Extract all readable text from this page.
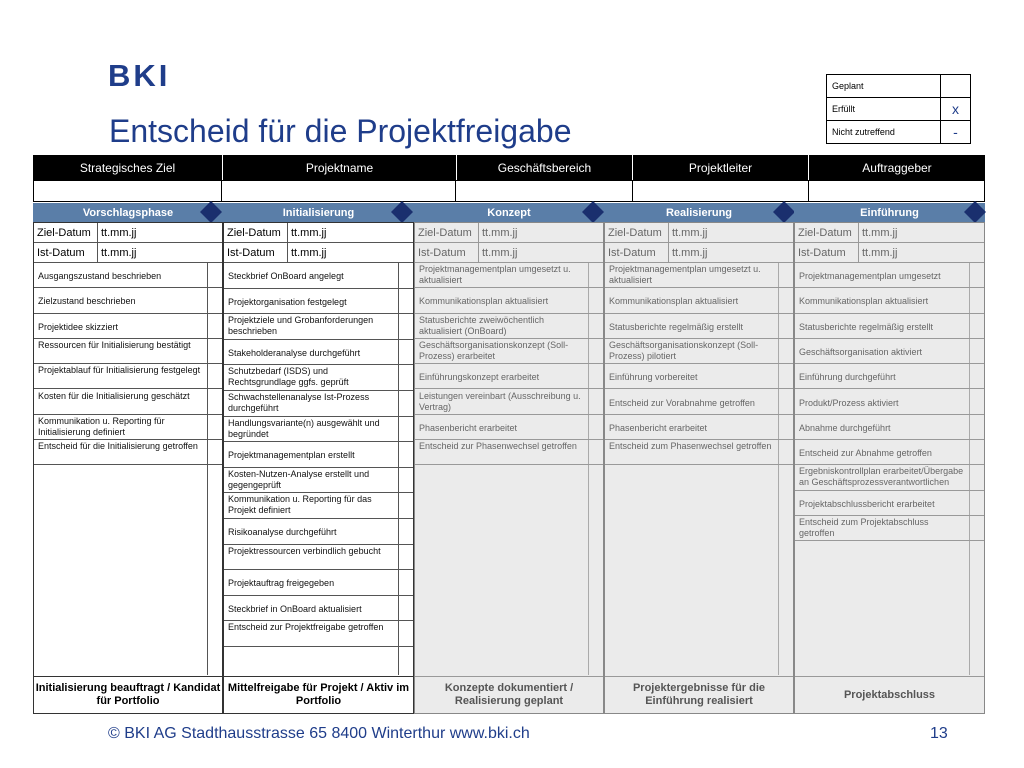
BKI
Entscheid für die Projektfreigabe
Geplant	
Erfüllt	x
Nicht zutreffend	-
Strategisches Ziel	Projektname	Geschäftsbereich	Projektleiter	Auftraggeber
Vorschlagsphase
Ziel-Datum tt.mm.jj
Ist-Datum	tt.mm.jj
Ausgangszustand beschrieben
Zielzustand beschrieben
Projektidee skizziert
Ressourcen für Initialisierung bestätigt
Projektablauf für Initialisierung festgelegt
Kosten für die Initialisierung geschätzt
Kommunikation u. Reporting für Initialisierung definiert
Entscheid für die Initialisierung getroffen
Initialisierung beauftragt / Kandidat für Portfolio
Initialisierung
Ziel-Datum tt.mm.jj
Ist-Datum	tt.mm.jj
Steckbrief OnBoard angelegt
Projektorganisation festgelegt
Projektziele und Grobanforderungen beschrieben
Stakeholderanalyse durchgeführt
Schutzbedarf (ISDS) und Rechtsgrundlage ggfs. geprüft
Schwachstellenanalyse Ist-Prozess durchgeführt
Handlungsvariante(n) ausgewählt und begründet
Projektmanagementplan erstellt
Kosten-Nutzen-Analyse erstellt und gegengeprüft
Kommunikation u. Reporting für das Projekt definiert
Risikoanalyse durchgeführt
Projektressourcen verbindlich gebucht
Projektauftrag freigegeben
Steckbrief in OnBoard aktualisiert
Entscheid zur Projektfreigabe getroffen
Mittelfreigabe für Projekt / Aktiv im Portfolio
Konzept
Ziel-Datum tt.mm.jj
Ist-Datum	tt.mm.jj
Projektmanagementplan umgesetzt u. aktualisiert
Kommunikationsplan aktualisiert
Statusberichte zweiwöchentlich aktualisiert (OnBoard)
Geschäftsorganisationskonzept (Soll-Prozess) erarbeitet
Einführungskonzept erarbeitet
Leistungen vereinbart (Ausschreibung u. Vertrag)
Phasenbericht erarbeitet
Entscheid zur Phasenwechsel getroffen
Konzepte dokumentiert / Realisierung geplant
Realisierung
Ziel-Datum tt.mm.jj
Ist-Datum	tt.mm.jj
Projektmanagementplan umgesetzt u. aktualisiert
Kommunikationsplan aktualisiert
Statusberichte regelmäßig erstellt
Geschäftsorganisationskonzept (Soll-Prozess) pilotiert
Einführung vorbereitet
Entscheid zur Vorabnahme getroffen
Phasenbericht erarbeitet
Entscheid zum Phasenwechsel getroffen
Projektergebnisse für die Einführung realisiert
Einführung
Ziel-Datum tt.mm.jj
Ist-Datum	tt.mm.jj
Projektmanagementplan umgesetzt
Kommunikationsplan aktualisiert
Statusberichte regelmäßig erstellt
Geschäftsorganisation aktiviert
Einführung durchgeführt
Produkt/Prozess aktiviert
Abnahme durchgeführt
Entscheid zur Abnahme getroffen
Ergebniskontrollplan erarbeitet/Übergabe an Geschäftsprozessverantwortlichen
Projektabschlussbericht erarbeitet
Entscheid zum Projektabschluss getroffen
Projektabschluss
© BKI AG Stadthausstrasse 65 8400 Winterthur www.bki.ch	13
